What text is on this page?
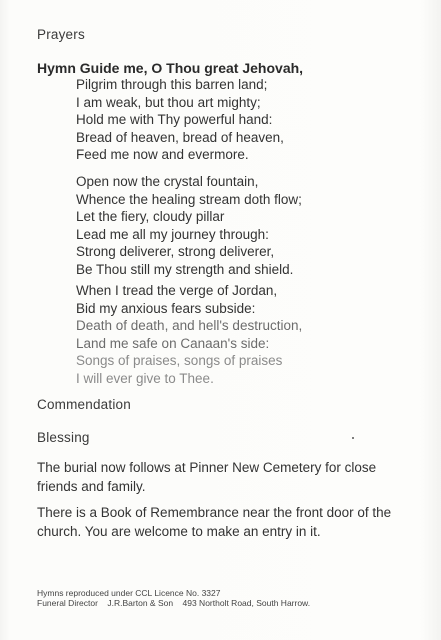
Prayers
Hymn Guide me, O Thou great Jehovah,
Pilgrim through this barren land;
I am weak, but thou art mighty;
Hold me with Thy powerful hand:
Bread of heaven, bread of heaven,
Feed me now and evermore.
Open now the crystal fountain,
Whence the healing stream doth flow;
Let the fiery, cloudy pillar
Lead me all my journey through:
Strong deliverer, strong deliverer,
Be Thou still my strength and shield.
When I tread the verge of Jordan,
Bid my anxious fears subside:
Death of death, and hell's destruction,
Land me safe on Canaan's side:
Songs of praises, songs of praises
I will ever give to Thee.
Commendation
Blessing
The burial now follows at Pinner New Cemetery for close friends and family.
There is a Book of Remembrance near the front door of the church. You are welcome to make an entry in it.
Hymns reproduced under CCL Licence No. 3327
Funeral Director J.R.Barton & Son 493 Northolt Road, South Harrow.
